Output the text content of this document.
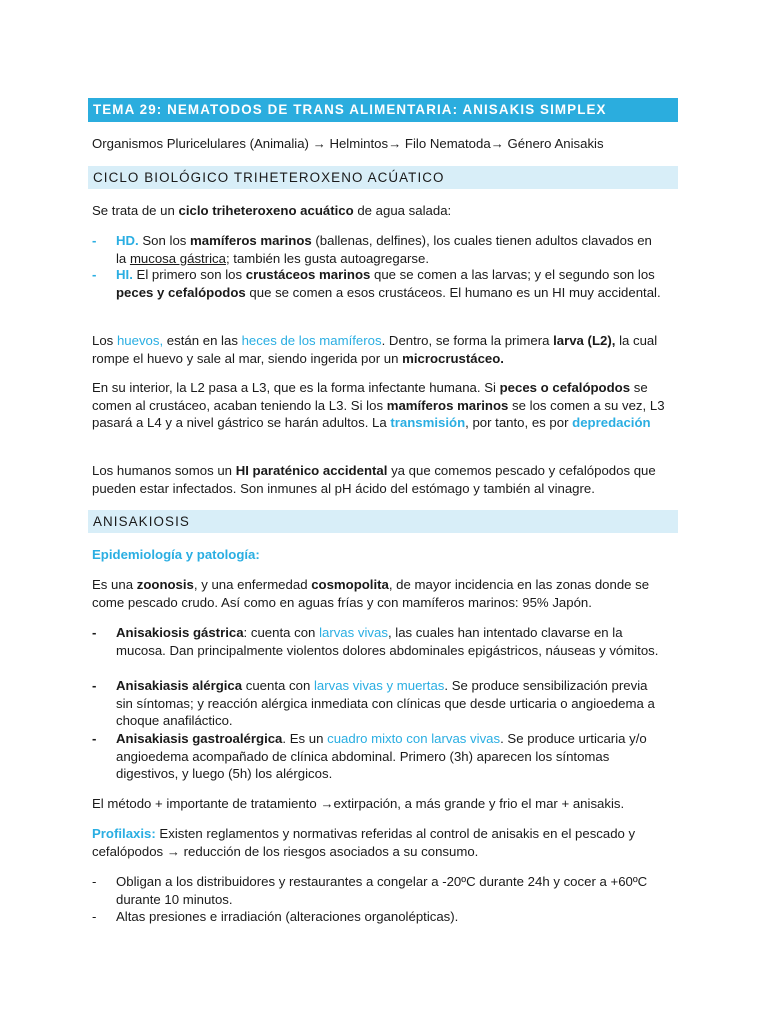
TEMA 29: NEMATODOS DE TRANS ALIMENTARIA: ANISAKIS SIMPLEX
Organismos Pluricelulares (Animalia) → Helmintos→ Filo Nematoda→ Género Anisakis
CICLO BIOLÓGICO TRIHETEROXENO ACÚATICO
Se trata de un ciclo triheteroxeno acuático de agua salada:
-	HD. Son los mamíferos marinos (ballenas, delfines), los cuales tienen adultos clavados en la mucosa gástrica; también les gusta autoagregarse.
-	HI. El primero son los crustáceos marinos que se comen a las larvas; y el segundo son los peces y cefalópodos que se comen a esos crustáceos. El humano es un HI muy accidental.
Los huevos, están en las heces de los mamíferos. Dentro, se forma la primera larva (L2), la cual rompe el huevo y sale al mar, siendo ingerida por un microcrustáceo.
En su interior, la L2 pasa a L3, que es la forma infectante humana. Si peces o cefalópodos se comen al crustáceo, acaban teniendo la L3. Si los mamíferos marinos se los comen a su vez, L3 pasará a L4 y a nivel gástrico se harán adultos. La transmisión, por tanto, es por depredación
Los humanos somos un HI paraténico accidental ya que comemos pescado y cefalópodos que pueden estar infectados. Son inmunes al pH ácido del estómago y también al vinagre.
ANISAKIOSIS
Epidemiología y patología:
Es una zoonosis, y una enfermedad cosmopolita, de mayor incidencia en las zonas donde se come pescado crudo. Así como en aguas frías y con mamíferos marinos: 95% Japón.
-	Anisakiosis gástrica: cuenta con larvas vivas, las cuales han intentado clavarse en la mucosa. Dan principalmente violentos dolores abdominales epigástricos, náuseas y vómitos.
-	Anisakiasis alérgica cuenta con larvas vivas y muertas. Se produce sensibilización previa sin síntomas; y reacción alérgica inmediata con clínicas que desde urticaria o angioedema a choque anafiláctico.
-	Anisakiasis gastroalérgica. Es un cuadro mixto con larvas vivas. Se produce urticaria y/o angioedema acompañado de clínica abdominal. Primero (3h) aparecen los síntomas digestivos, y luego (5h) los alérgicos.
El método + importante de tratamiento →extirpación, a más grande y frio el mar + anisakis.
Profilaxis: Existen reglamentos y normativas referidas al control de anisakis en el pescado y cefalópodos → reducción de los riesgos asociados a su consumo.
-	Obligan a los distribuidores y restaurantes a congelar a -20ºC durante 24h y cocer a +60ºC durante 10 minutos.
-	Altas presiones e irradiación (alteraciones organolépticas).
